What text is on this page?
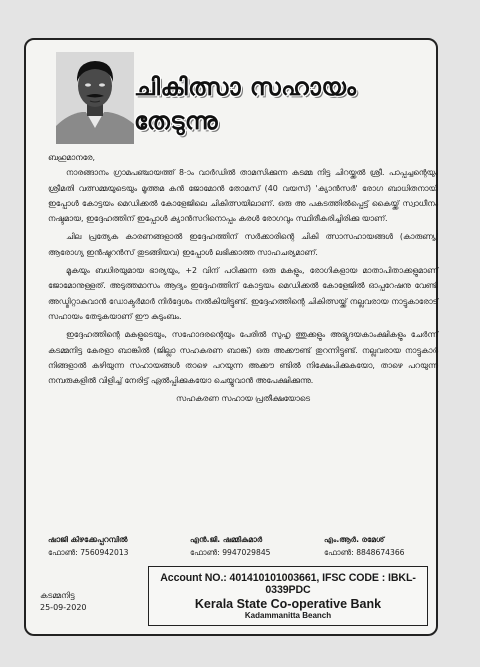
ചികിത്സാ സഹായം
തേടുന്നു

ബഹുമാനരേ,

നാരങ്ങാനം ഗ്രാമപഞ്ചായത്ത് 8-ാം വാർഡിൽ താമസിക്കുന്ന കടമ്മ നിട്ട ചിറയ്ക്കൽ ശ്രീ. പാപ്പച്ചന്റെയും ശ്രീമതി വത്സമ്മയുടെയും മൂത്തമ കൻ ജോമോൻ തോമസ് (40 വയസ്) 'ക്യാൻസർ' രോഗ ബാധിതനായി ഇപ്പോൾ കോട്ടയം മെഡിക്കൽ കോളേജിലെ ചികിത്സയിലാണ്. ഒരു അ പകടത്തിൽപ്പെട്ട് കൈയ്ക്ക് സ്വാധീനം നഷ്ടമായ, ഇദ്ദേഹത്തിന് ഇപ്പോൾ ക്യാൻസറിനൊപ്പം കരൾ രോഗവും സ്ഥിരീകരിച്ചിരിക്കു യാണ്.

ചില പ്രത്യേക കാരണങ്ങളാൽ ഇദ്ദേഹത്തിന് സർക്കാരിന്റെ ചികി ത്സാസഹായങ്ങൾ (കാരുണ്യ/ആരോഗ്യ ഇൻഷുറൻസ് തുടങ്ങിയവ) ഇപ്പോൾ ലഭിക്കാത്ത സാഹചര്യമാണ്.

മൂകയും ബധിരയുമായ ഭാര്യയും, +2 വിന് പഠിക്കുന്ന ഒരു മകളും, രോഗികളായ മാതാപിതാക്കളുമാണ് ജോമോനുള്ളത്. അടുത്തമാസം ആദ്യം ഇദ്ദേഹത്തിന് കോട്ടയം മെഡിക്കൽ കോളേജിൽ ഓപ്പറേഷനു വേണ്ടി അഡ്മിറ്റാകുവാൻ ഡോക്ടർമാർ നിർദ്ദേശം നൽകിയിട്ടുണ്ട്. ഇദ്ദേഹത്തിന്റെ ചികിത്സയ്ക്ക് നല്ലവരായ നാട്ടുകാരോട് സഹായം തേടുകയാണ് ഈ കുടുംബം.

ഇദ്ദേഹത്തിന്റെ മകളുടെയും, സഹോദരന്റെയും പേരിൽ സുഹൃ ത്തുക്കളും അഭ്യുദയകാംക്ഷികളും ചേർന്ന് കടമ്മനിട്ട കേരളാ ബാങ്കിൽ (ജില്ലാ സഹകരണ ബാങ്ക്) ഒരു അക്കൗണ്ട് തുറന്നിട്ടുണ്ട്. നല്ലവരായ നാട്ടുകാർ നിങ്ങളാൽ കഴിയുന്ന സഹായങ്ങൾ താഴെ പറയുന്ന അക്കൗ ണ്ടിൽ നിക്ഷേപിക്കുകയോ, താഴെ പറയുന്ന നമ്പരുകളിൽ വിളിച്ച് നേരിട്ട് ഏൽപ്പിക്കുകയോ ചെയ്യുവാൻ അപേക്ഷിക്കുന്നു.

സഹകരണ സഹായ പ്രതീക്ഷയോടെ

ഷാജി കിഴക്കേപ്പറമ്പിൽ
ഫോൺ: 7560942013
എൻ.ജി. ഷമ്മികുമാർ
ഫോൺ: 9947029845
എം.ആർ. രമേശ്
ഫോൺ: 8848674366
കടമ്മനിട്ട
25-09-2020
Account NO.: 401410101003661, IFSC CODE : IBKL-0339PDC
Kerala State Co-operative Bank
Kadammanitta Beanch
